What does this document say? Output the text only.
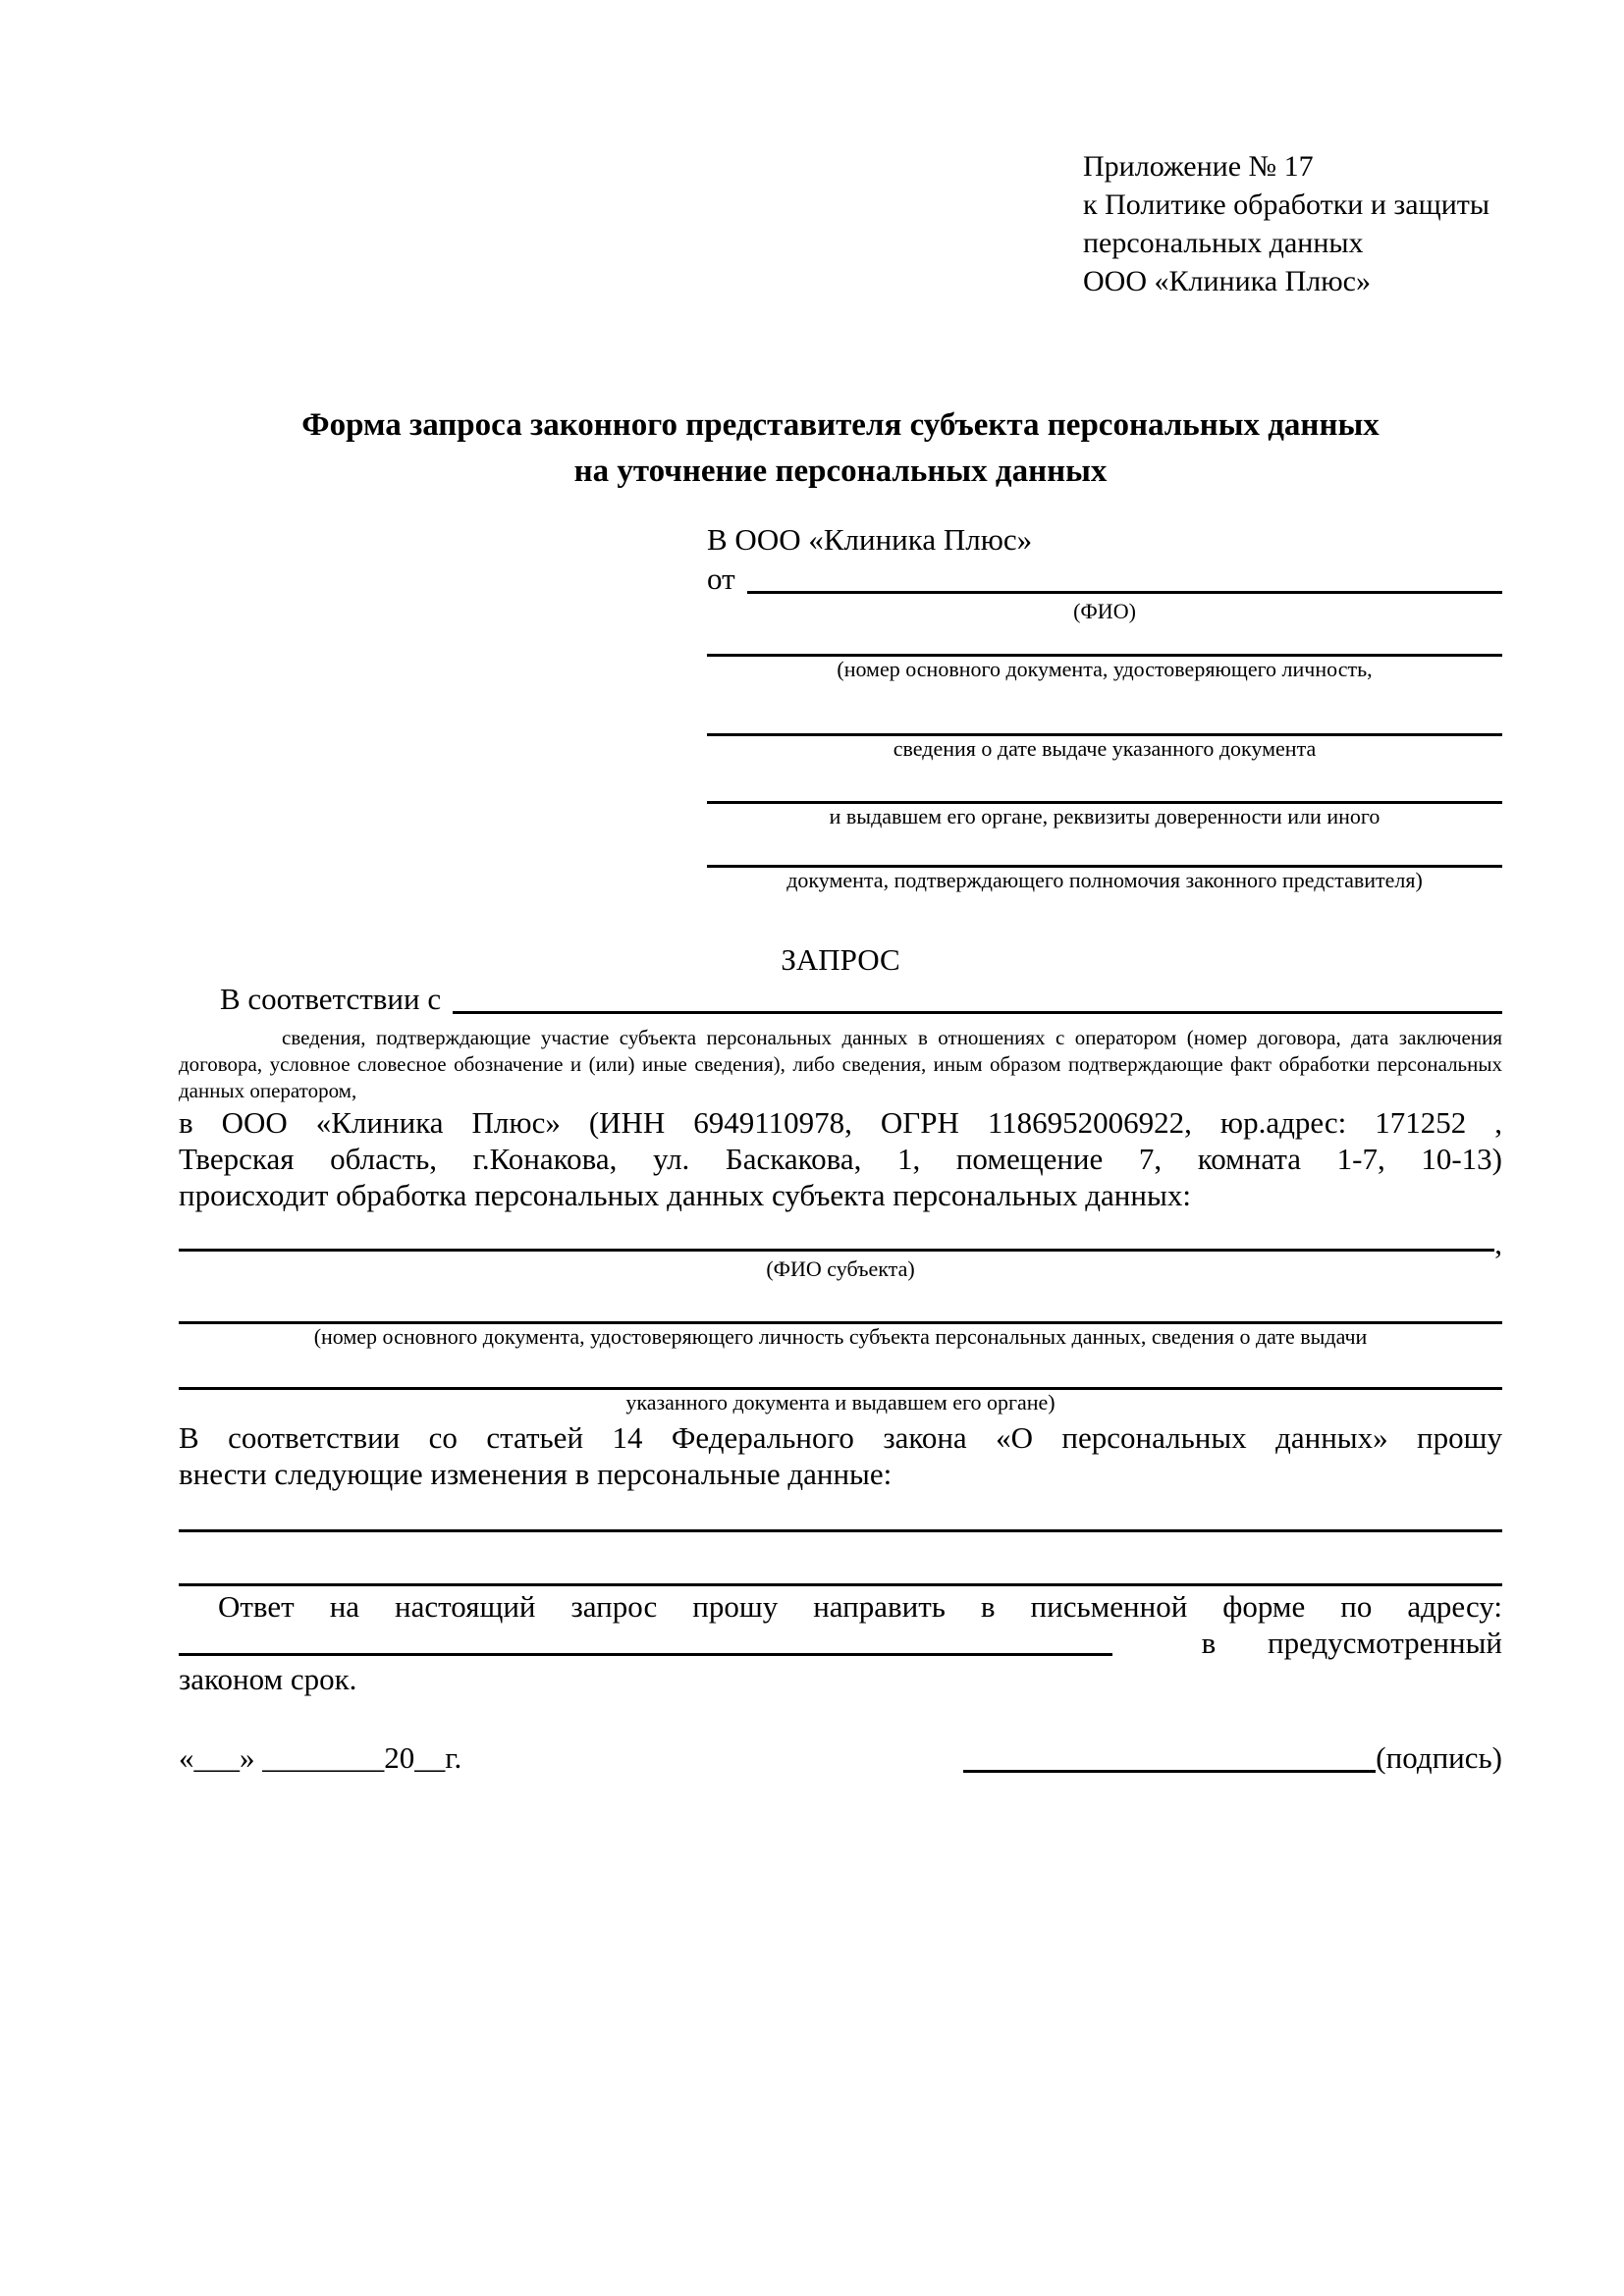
Приложение № 17
к Политике обработки и защиты
персональных данных
ООО «Клиника Плюс»
Форма запроса законного представителя субъекта персональных данных
на уточнение персональных данных
В ООО «Клиника Плюс»
от
(ФИО)
(номер основного документа, удостоверяющего личность,
сведения о дате выдаче указанного документа
и выдавшем его органе, реквизиты доверенности или иного
документа, подтверждающего полномочия законного представителя)
ЗАПРОС
В соответствии с
сведения, подтверждающие участие субъекта персональных данных в отношениях с оператором (номер договора, дата заключения договора, условное словесное обозначение и (или) иные сведения), либо сведения, иным образом подтверждающие факт обработки персональных данных оператором,
в ООО «Клиника Плюс» (ИНН 6949110978, ОГРН 1186952006922, юр.адрес: 171252 ,
Тверская область, г.Конакова, ул. Баскакова, 1, помещение 7, комната 1-7, 10-13)
происходит обработка персональных данных субъекта персональных данных:
,
(ФИО субъекта)
(номер основного документа, удостоверяющего личность субъекта персональных данных, сведения о дате выдачи
указанного документа и выдавшем его органе)
В соответствии со статьей 14 Федерального закона «О персональных данных» прошу
внести следующие изменения в персональные данные:
Ответ на настоящий запрос прошу направить в письменной форме по адресу:
в предусмотренный
законом срок.
«___» ________20__г.	(подпись)
